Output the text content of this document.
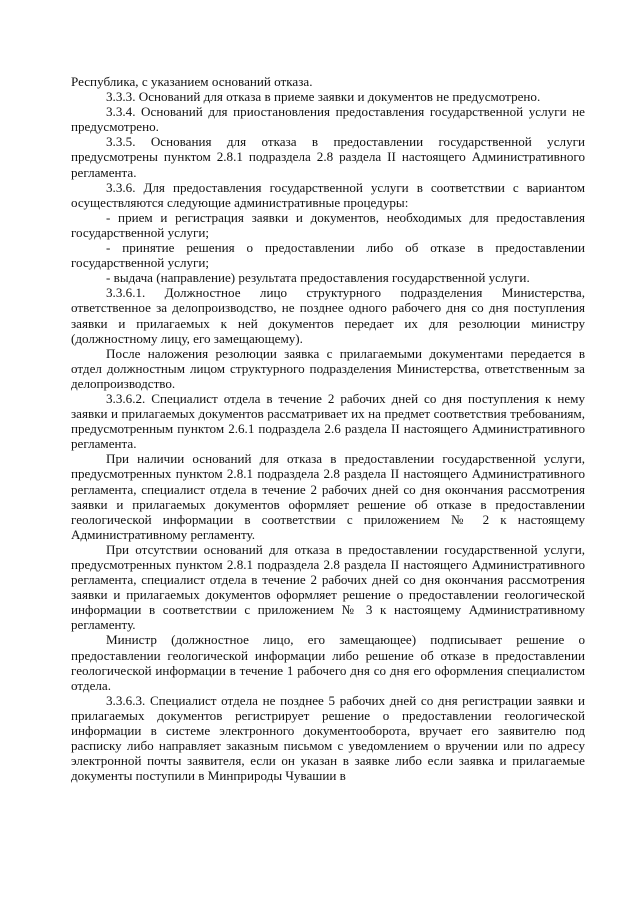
Республика, с указанием оснований отказа.

3.3.3. Оснований для отказа в приеме заявки и документов не предусмотрено.

3.3.4. Оснований для приостановления предоставления государственной услуги не предусмотрено.

3.3.5. Основания для отказа в предоставлении государственной услуги предусмотрены пунктом 2.8.1 подраздела 2.8 раздела II настоящего Административного регламента.

3.3.6. Для предоставления государственной услуги в соответствии с вариантом осуществляются следующие административные процедуры:

- прием и регистрация заявки и документов, необходимых для предоставления государственной услуги;

- принятие решения о предоставлении либо об отказе в предоставлении государственной услуги;

- выдача (направление) результата предоставления государственной услуги.

3.3.6.1. Должностное лицо структурного подразделения Министерства, ответственное за делопроизводство, не позднее одного рабочего дня со дня поступления заявки и прилагаемых к ней документов передает их для резолюции министру (должностному лицу, его замещающему).

После наложения резолюции заявка с прилагаемыми документами передается в отдел должностным лицом структурного подразделения Министерства, ответственным за делопроизводство.

3.3.6.2. Специалист отдела в течение 2 рабочих дней со дня поступления к нему заявки и прилагаемых документов рассматривает их на предмет соответствия требованиям, предусмотренным пунктом 2.6.1 подраздела 2.6 раздела II настоящего Административного регламента.

При наличии оснований для отказа в предоставлении государственной услуги, предусмотренных пунктом 2.8.1 подраздела 2.8 раздела II настоящего Административного регламента, специалист отдела в течение 2 рабочих дней со дня окончания рассмотрения заявки и прилагаемых документов оформляет решение об отказе в предоставлении геологической информации в соответствии с приложением № 2 к настоящему Административному регламенту.

При отсутствии оснований для отказа в предоставлении государственной услуги, предусмотренных пунктом 2.8.1 подраздела 2.8 раздела II настоящего Административного регламента, специалист отдела в течение 2 рабочих дней со дня окончания рассмотрения заявки и прилагаемых документов оформляет решение о предоставлении геологической информации в соответствии с приложением № 3 к настоящему Административному регламенту.

Министр (должностное лицо, его замещающее) подписывает решение о предоставлении геологической информации либо решение об отказе в предоставлении геологической информации в течение 1 рабочего дня со дня его оформления специалистом отдела.

3.3.6.3. Специалист отдела не позднее 5 рабочих дней со дня регистрации заявки и прилагаемых документов регистрирует решение о предоставлении геологической информации в системе электронного документооборота, вручает его заявителю под расписку либо направляет заказным письмом с уведомлением о вручении или по адресу электронной почты заявителя, если он указан в заявке либо если заявка и прилагаемые документы поступили в Минприроды Чувашии в
